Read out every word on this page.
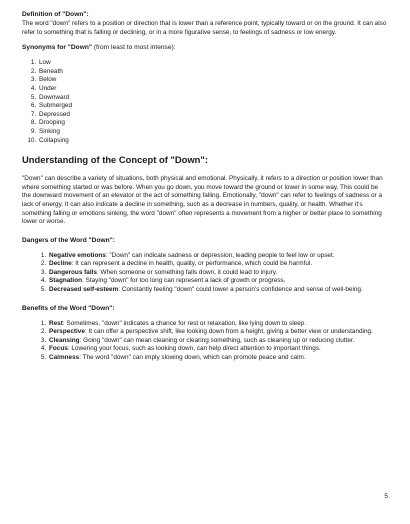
Definition of "Down":

The word "down" refers to a position or direction that is lower than a reference point, typically toward or on the ground. It can also refer to something that is falling or declining, or in a more figurative sense, to feelings of sadness or low energy.

Synonyms for "Down" (from least to most intense):
1. Low
2. Beneath
3. Below
4. Under
5. Downward
6. Submerged
7. Depressed
8. Drooping
9. Sinking
10. Collapsing
Understanding of the Concept of "Down":

"Down" can describe a variety of situations, both physical and emotional. Physically, it refers to a direction or position lower than where something started or was before. When you go down, you move toward the ground or lower in some way. This could be the downward movement of an elevator or the act of something falling. Emotionally, "down" can refer to feelings of sadness or a lack of energy. It can also indicate a decline in something, such as a decrease in numbers, quality, or health. Whether it's something falling or emotions sinking, the word "down" often represents a movement from a higher or better place to something lower or worse.

Dangers of the Word "Down":
1. Negative emotions: "Down" can indicate sadness or depression, leading people to feel low or upset.
2. Decline: It can represent a decline in health, quality, or performance, which could be harmful.
3. Dangerous falls: When someone or something falls down, it could lead to injury.
4. Stagnation: Staying "down" for too long can represent a lack of growth or progress.
5. Decreased self-esteem: Constantly feeling "down" could lower a person's confidence and sense of well-being.
Benefits of the Word "Down":
1. Rest: Sometimes, "down" indicates a chance for rest or relaxation, like lying down to sleep.
2. Perspective: It can offer a perspective shift, like looking down from a height, giving a better view or understanding.
3. Cleansing: Going "down" can mean cleaning or clearing something, such as cleaning up or reducing clutter.
4. Focus: Lowering your focus, such as looking down, can help direct attention to important things.
5. Calmness: The word "down" can imply slowing down, which can promote peace and calm.
5
